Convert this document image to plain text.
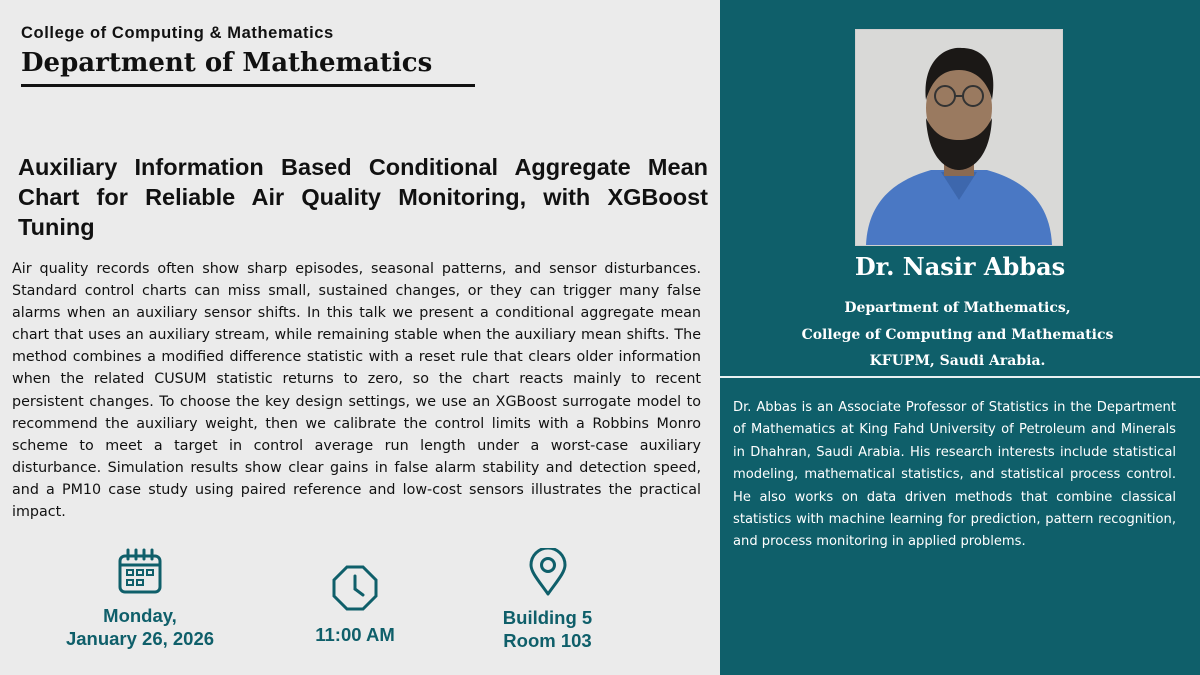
College of Computing & Mathematics
Department of Mathematics
Auxiliary Information Based Conditional Aggregate Mean Chart for Reliable Air Quality Monitoring, with XGBoost Tuning
Air quality records often show sharp episodes, seasonal patterns, and sensor disturbances. Standard control charts can miss small, sustained changes, or they can trigger many false alarms when an auxiliary sensor shifts. In this talk we present a conditional aggregate mean chart that uses an auxiliary stream, while remaining stable when the auxiliary mean shifts. The method combines a modified difference statistic with a reset rule that clears older information when the related CUSUM statistic returns to zero, so the chart reacts mainly to recent persistent changes. To choose the key design settings, we use an XGBoost surrogate model to recommend the auxiliary weight, then we calibrate the control limits with a Robbins Monro scheme to meet a target in control average run length under a worst-case auxiliary disturbance. Simulation results show clear gains in false alarm stability and detection speed, and a PM10 case study using paired reference and low-cost sensors illustrates the practical impact.
Monday,
January 26, 2026	11:00 AM
Building 5
Room 103
Dr. Nasir Abbas
Department of Mathematics,
College of Computing and Mathematics
KFUPM, Saudi Arabia.
Dr. Abbas is an Associate Professor of Statistics in the Department of Mathematics at King Fahd University of Petroleum and Minerals in Dhahran, Saudi Arabia. His research interests include statistical modeling, mathematical statistics, and statistical process control. He also works on data driven methods that combine classical statistics with machine learning for prediction, pattern recognition, and process monitoring in applied problems.
